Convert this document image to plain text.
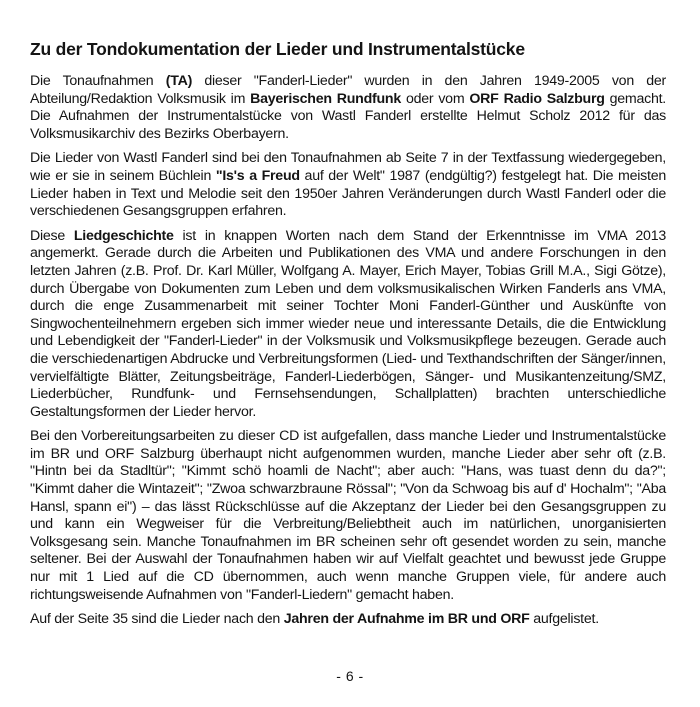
Zu der Tondokumentation der Lieder und Instrumentalstücke

Die Tonaufnahmen (TA) dieser "Fanderl-Lieder" wurden in den Jahren 1949-2005 von der Abteilung/Redaktion Volksmusik im Bayerischen Rundfunk oder vom ORF Radio Salzburg gemacht. Die Aufnahmen der Instrumentalstücke von Wastl Fanderl erstellte Helmut Scholz 2012 für das Volksmusikarchiv des Bezirks Oberbayern.

Die Lieder von Wastl Fanderl sind bei den Tonaufnahmen ab Seite 7 in der Textfassung wiedergegeben, wie er sie in seinem Büchlein "Is's a Freud auf der Welt" 1987 (endgültig?) festgelegt hat. Die meisten Lieder haben in Text und Melodie seit den 1950er Jahren Veränderungen durch Wastl Fanderl oder die verschiedenen Gesangsgruppen erfahren.

Diese Liedgeschichte ist in knappen Worten nach dem Stand der Erkenntnisse im VMA 2013 angemerkt. Gerade durch die Arbeiten und Publikationen des VMA und andere Forschungen in den letzten Jahren (z.B. Prof. Dr. Karl Müller, Wolfgang A. Mayer, Erich Mayer, Tobias Grill M.A., Sigi Götze), durch Übergabe von Dokumenten zum Leben und dem volksmusikalischen Wirken Fanderls ans VMA, durch die enge Zusammenarbeit mit seiner Tochter Moni Fanderl-Günther und Auskünfte von Singwochenteilnehmern ergeben sich immer wieder neue und interessante Details, die die Entwicklung und Lebendigkeit der "Fanderl-Lieder" in der Volksmusik und Volksmusikpflege bezeugen. Gerade auch die verschiedenartigen Abdrucke und Verbreitungsformen (Lied- und Texthandschriften der Sänger/innen, vervielfältigte Blätter, Zeitungsbeiträge, Fanderl-Liederbögen, Sänger- und Musikantenzeitung/SMZ, Liederbücher, Rundfunk- und Fernsehsendungen, Schallplatten) brachten unterschiedliche Gestaltungsformen der Lieder hervor.

Bei den Vorbereitungsarbeiten zu dieser CD ist aufgefallen, dass manche Lieder und Instrumentalstücke im BR und ORF Salzburg überhaupt nicht aufgenommen wurden, manche Lieder aber sehr oft (z.B. "Hintn bei da Stadltür"; "Kimmt schö hoamli de Nacht"; aber auch: "Hans, was tuast denn du da?"; "Kimmt daher die Wintazeit"; "Zwoa schwarzbraune Rössal"; "Von da Schwoag bis auf d' Hochalm"; "Aba Hansl, spann ei") – das lässt Rückschlüsse auf die Akzeptanz der Lieder bei den Gesangsgruppen zu und kann ein Wegweiser für die Verbreitung/Beliebtheit auch im natürlichen, unorganisierten Volksgesang sein. Manche Tonaufnahmen im BR scheinen sehr oft gesendet worden zu sein, manche seltener. Bei der Auswahl der Tonaufnahmen haben wir auf Vielfalt geachtet und bewusst jede Gruppe nur mit 1 Lied auf die CD übernommen, auch wenn manche Gruppen viele, für andere auch richtungsweisende Aufnahmen von "Fanderl-Liedern" gemacht haben.

Auf der Seite 35 sind die Lieder nach den Jahren der Aufnahme im BR und ORF aufgelistet.

- 6 -
